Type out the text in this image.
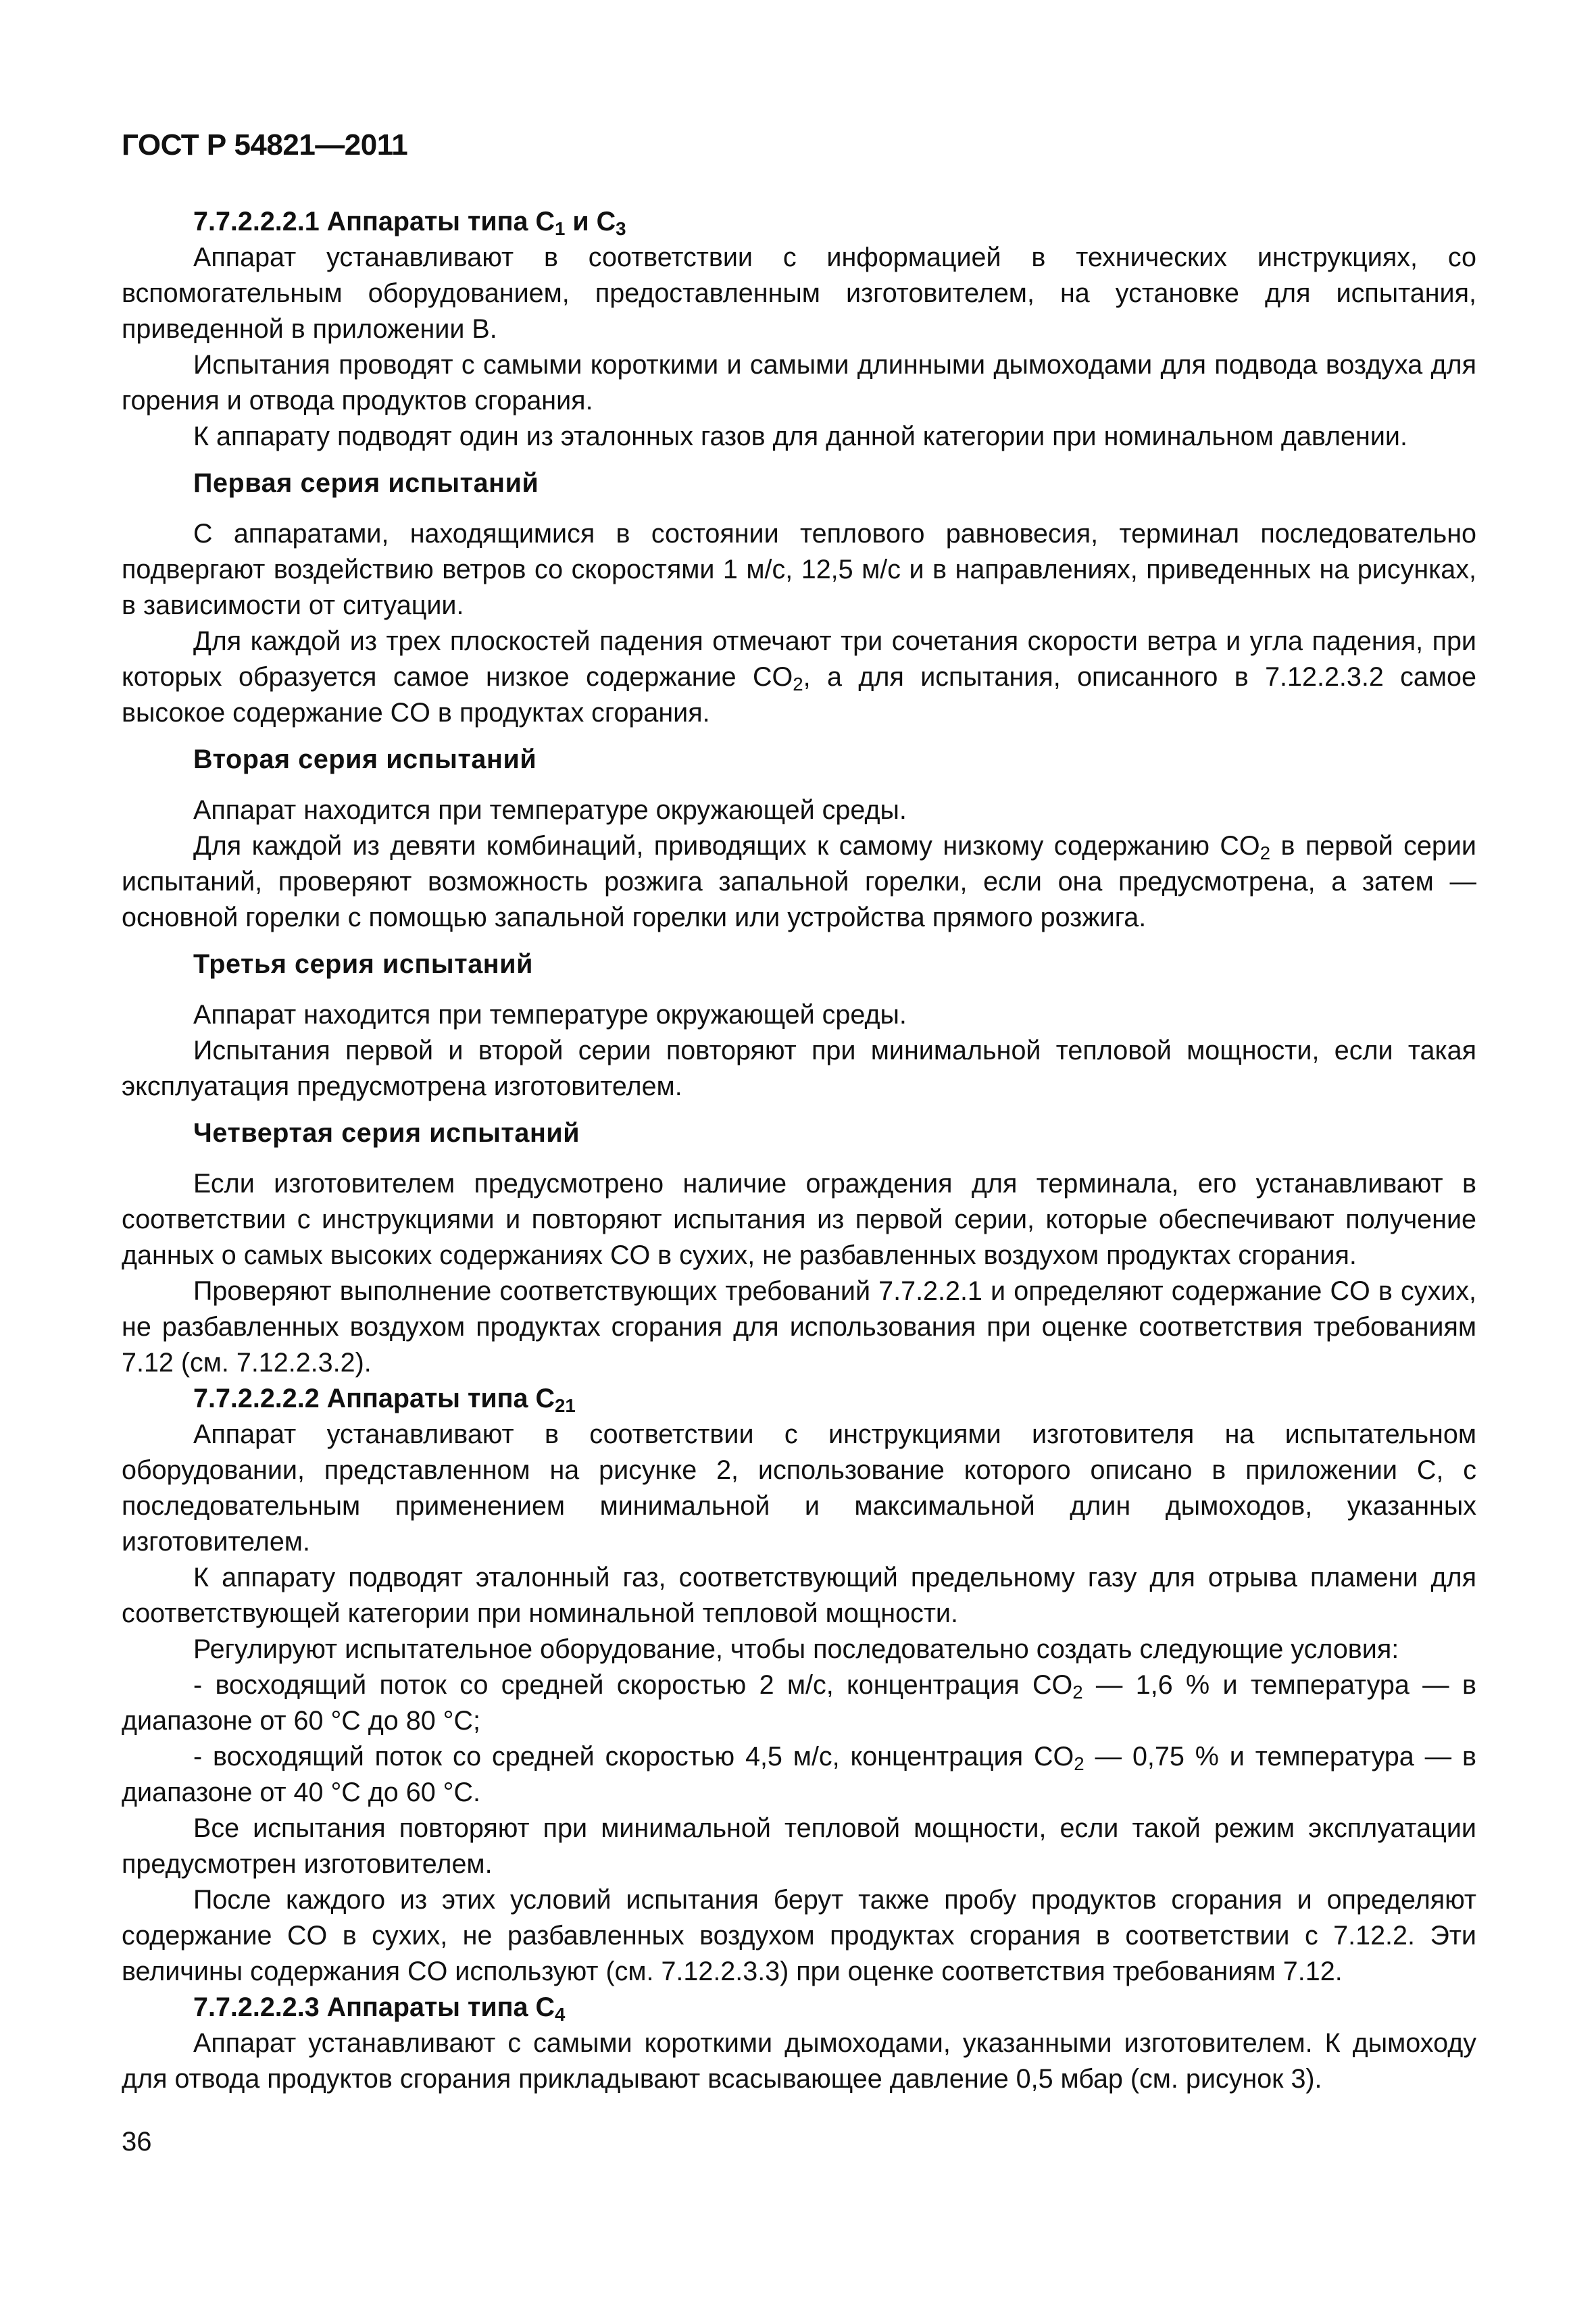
ГОСТ Р 54821—2011
7.7.2.2.2.1 Аппараты типа $C_1$ и $C_3$

Аппарат устанавливают в соответствии с информацией в технических инструкциях, со вспомогательным оборудованием, предоставленным изготовителем, на установке для испытания, приведенной в приложении В.

Испытания проводят с самыми короткими и самыми длинными дымоходами для подвода воздуха для горения и отвода продуктов сгорания.

К аппарату подводят один из эталонных газов для данной категории при номинальном давлении.

Первая серия испытаний

С аппаратами, находящимися в состоянии теплового равновесия, терминал последовательно подвергают воздействию ветров со скоростями 1 м/с, 12,5 м/с и в направлениях, приведенных на рисунках, в зависимости от ситуации.

Для каждой из трех плоскостей падения отмечают три сочетания скорости ветра и угла падения, при которых образуется самое низкое содержание $CO_2$, а для испытания, описанного в 7.12.2.3.2 самое высокое содержание CO в продуктах сгорания.

Вторая серия испытаний

Аппарат находится при температуре окружающей среды.

Для каждой из девяти комбинаций, приводящих к самому низкому содержанию $CO_2$ в первой серии испытаний, проверяют возможность розжига запальной горелки, если она предусмотрена, а затем — основной горелки с помощью запальной горелки или устройства прямого розжига.

Третья серия испытаний

Аппарат находится при температуре окружающей среды.

Испытания первой и второй серии повторяют при минимальной тепловой мощности, если такая эксплуатация предусмотрена изготовителем.

Четвертая серия испытаний

Если изготовителем предусмотрено наличие ограждения для терминала, его устанавливают в соответствии с инструкциями и повторяют испытания из первой серии, которые обеспечивают получение данных о самых высоких содержаниях CO в сухих, не разбавленных воздухом продуктах сгорания.

Проверяют выполнение соответствующих требований 7.7.2.2.1 и определяют содержание CO в сухих, не разбавленных воздухом продуктах сгорания для использования при оценке соответствия требованиям 7.12 (см. 7.12.2.3.2).

7.7.2.2.2.2 Аппараты типа $C_{21}$

Аппарат устанавливают в соответствии с инструкциями изготовителя на испытательном оборудовании, представленном на рисунке 2, использование которого описано в приложении С, с последовательным применением минимальной и максимальной длин дымоходов, указанных изготовителем.

К аппарату подводят эталонный газ, соответствующий предельному газу для отрыва пламени для соответствующей категории при номинальной тепловой мощности.

Регулируют испытательное оборудование, чтобы последовательно создать следующие условия:

- восходящий поток со средней скоростью 2 м/с, концентрация $CO_2$ — 1,6 % и температура — в диапазоне от 60 °C до 80 °C;

- восходящий поток со средней скоростью 4,5 м/с, концентрация $CO_2$ — 0,75 % и температура — в диапазоне от 40 °C до 60 °C.

Все испытания повторяют при минимальной тепловой мощности, если такой режим эксплуатации предусмотрен изготовителем.

После каждого из этих условий испытания берут также пробу продуктов сгорания и определяют содержание CO в сухих, не разбавленных воздухом продуктах сгорания в соответствии с 7.12.2. Эти величины содержания CO используют (см. 7.12.2.3.3) при оценке соответствия требованиям 7.12.

7.7.2.2.2.3 Аппараты типа $C_4$

Аппарат устанавливают с самыми короткими дымоходами, указанными изготовителем. К дымоходу для отвода продуктов сгорания прикладывают всасывающее давление 0,5 мбар (см. рисунок 3).

36
